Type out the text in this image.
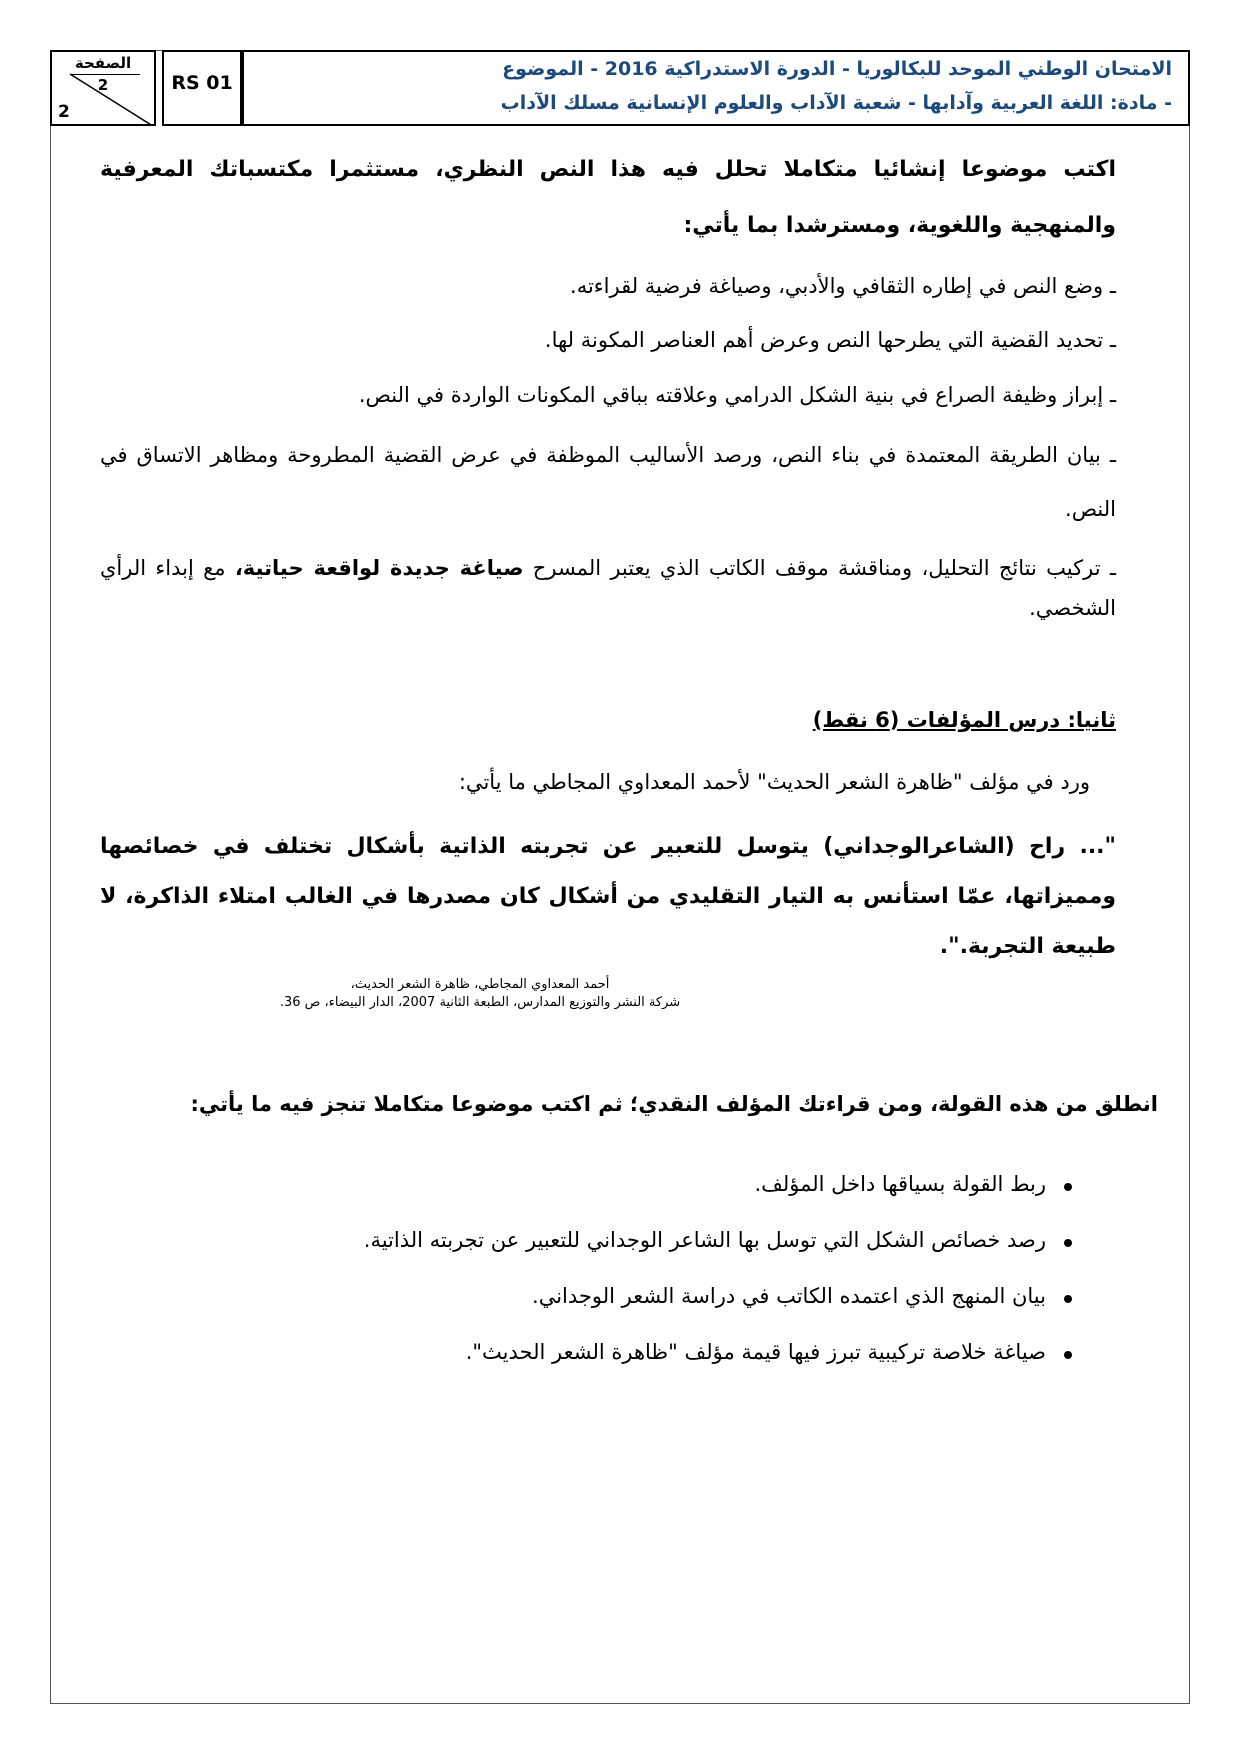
الصفحة
2
2
RS 01
الامتحان الوطني الموحد للبكالوريا - الدورة الاستدراكية 2016 - الموضوع
- مادة: اللغة العربية وآدابها - شعبة الآداب والعلوم الإنسانية مسلك الآداب
اكتب موضوعا إنشائيا متكاملا تحلل فيه هذا النص النظري، مستثمرا مكتسباتك المعرفية والمنهجية واللغوية، ومسترشدا بما يأتي:
ـ وضع النص في إطاره الثقافي والأدبي، وصياغة فرضية لقراءته.
ـ تحديد القضية التي يطرحها النص وعرض أهم العناصر المكونة لها.
ـ إبراز وظيفة الصراع في بنية الشكل الدرامي وعلاقته بباقي المكونات الواردة في النص.
ـ بيان الطريقة المعتمدة في بناء النص، ورصد الأساليب الموظفة في عرض القضية المطروحة ومظاهر الاتساق في النص.
ـ تركيب نتائج التحليل، ومناقشة موقف الكاتب الذي يعتبر المسرح صياغة جديدة لواقعة حياتية، مع إبداء الرأي الشخصي.
ثانيا: درس المؤلفات (6 نقط)
ورد في مؤلف "ظاهرة الشعر الحديث" لأحمد المعداوي المجاطي ما يأتي:
"... راح (الشاعرالوجداني) يتوسل للتعبير عن تجربته الذاتية بأشكال تختلف في خصائصها ومميزاتها، عمّا استأنس به التيار التقليدي من أشكال كان مصدرها في الغالب امتلاء الذاكرة، لا طبيعة التجربة.".
أحمد المعداوي المجاطي، ظاهرة الشعر الحديث،
شركة النشر والتوزيع المدارس، الطبعة الثانية 2007، الدار البيضاء، ص 36.
انطلق من هذه القولة، ومن قراءتك المؤلف النقدي؛ ثم اكتب موضوعا متكاملا تنجز فيه ما يأتي:
ربط القولة بسياقها داخل المؤلف.
رصد خصائص الشكل التي توسل بها الشاعر الوجداني للتعبير عن تجربته الذاتية.
بيان المنهج الذي اعتمده الكاتب في دراسة الشعر الوجداني.
صياغة خلاصة تركيبية تبرز فيها قيمة مؤلف "ظاهرة الشعر الحديث".
